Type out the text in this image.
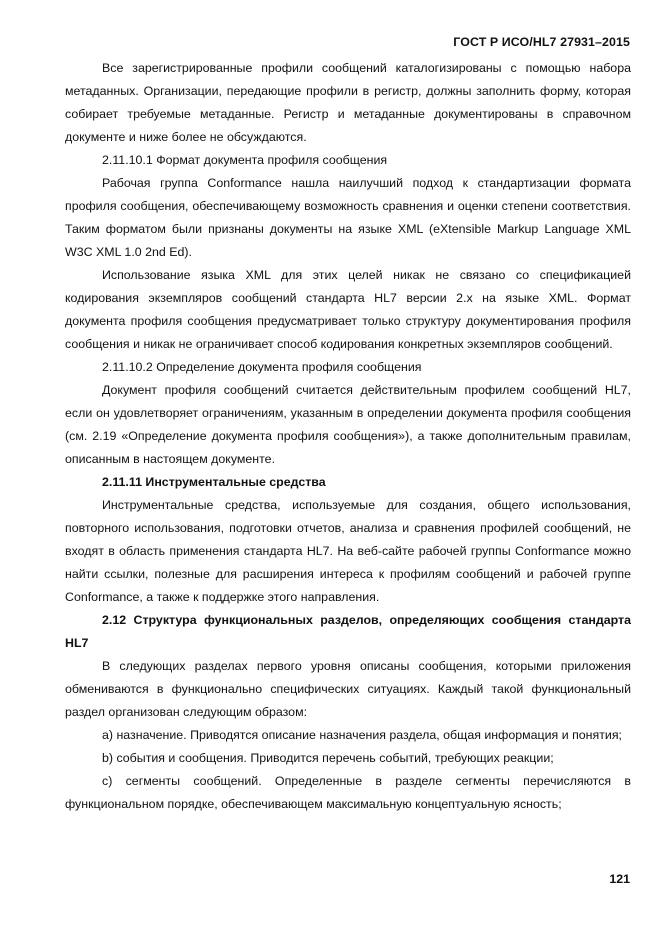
ГОСТ Р ИСО/HL7 27931–2015

Все зарегистрированные профили сообщений каталогизированы с помощью набора метаданных. Организации, передающие профили в регистр, должны заполнить форму, которая собирает требуемые метаданные. Регистр и метаданные документированы в справочном документе и ниже более не обсуждаются.

2.11.10.1 Формат документа профиля сообщения

Рабочая группа Conformance нашла наилучший подход к стандартизации формата профиля сообщения, обеспечивающему возможность сравнения и оценки степени соответствия. Таким форматом были признаны документы на языке XML (eXtensible Markup Language XML W3C XML 1.0 2nd Ed).

Использование языка XML для этих целей никак не связано со спецификацией кодирования экземпляров сообщений стандарта HL7 версии 2.x на языке XML. Формат документа профиля сообщения предусматривает только структуру документирования профиля сообщения и никак не ограничивает способ кодирования конкретных экземпляров сообщений.

2.11.10.2 Определение документа профиля сообщения

Документ профиля сообщений считается действительным профилем сообщений HL7, если он удовлетворяет ограничениям, указанным в определении документа профиля сообщения (см. 2.19 «Определение документа профиля сообщения»), а также дополнительным правилам, описанным в настоящем документе.

2.11.11 Инструментальные средства

Инструментальные средства, используемые для создания, общего использования, повторного использования, подготовки отчетов, анализа и сравнения профилей сообщений, не входят в область применения стандарта HL7. На веб-сайте рабочей группы Conformance можно найти ссылки, полезные для расширения интереса к профилям сообщений и рабочей группе Conformance, а также к поддержке этого направления.

2.12 Структура функциональных разделов, определяющих сообщения стандарта HL7

В следующих разделах первого уровня описаны сообщения, которыми приложения обмениваются в функционально специфических ситуациях. Каждый такой функциональный раздел организован следующим образом:

а) назначение. Приводятся описание назначения раздела, общая информация и понятия;

b) события и сообщения. Приводится перечень событий, требующих реакции;

с) сегменты сообщений. Определенные в разделе сегменты перечисляются в функциональном порядке, обеспечивающем максимальную концептуальную ясность;

121
